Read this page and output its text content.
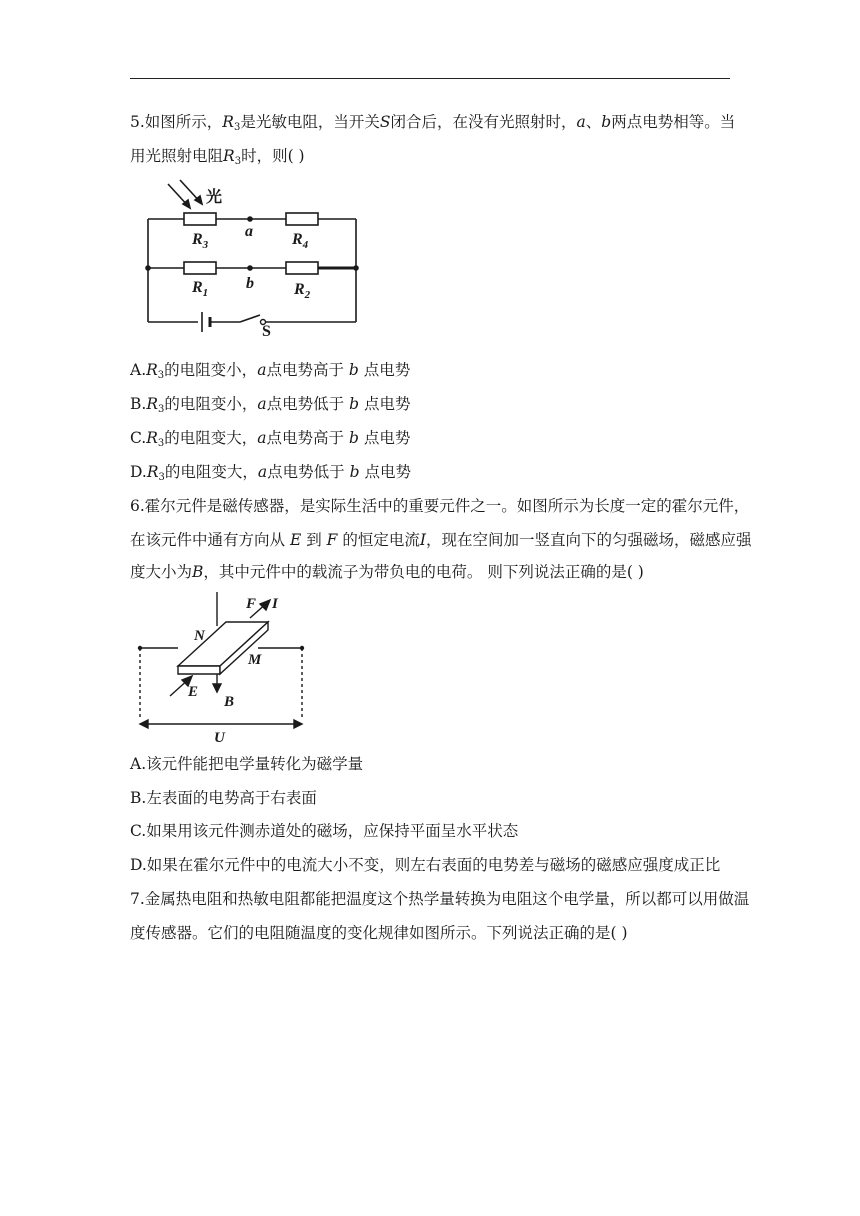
5.如图所示，$R_3$是光敏电阻，当开关S闭合后，在没有光照射时，a、b两点电势相等。当
用光照射电阻$R_3$时，则( )
光
$R_3$
a $R_4$
$R_1$
b	$R_2$
S
$A.R_3$的电阻变小，a点电势高于 b 点电势
$B.R_3$的电阻变小，a点电势低于 b 点电势
$C.R_3$的电阻变大，a点电势高于 b 点电势
$D.R_3$的电阻变大，a点电势低于 b 点电势
6.霍尔元件是磁传感器，是实际生活中的重要元件之一。如图所示为长度一定的霍尔元件，
在该元件中通有方向从 E 到 F 的恒定电流I，现在空间加一竖直向下的匀强磁场，磁感应强
度大小为B，其中元件中的载流子为带负电的电荷。 则下列说法正确的是( )
F I
N
M
E
B
U
A.该元件能把电学量转化为磁学量
B.左表面的电势高于右表面
C.如果用该元件测赤道处的磁场，应保持平面呈水平状态
D.如果在霍尔元件中的电流大小不变，则左右表面的电势差与磁场的磁感应强度成正比
7.金属热电阻和热敏电阻都能把温度这个热学量转换为电阻这个电学量，所以都可以用做温
度传感器。它们的电阻随温度的变化规律如图所示。下列说法正确的是( )
